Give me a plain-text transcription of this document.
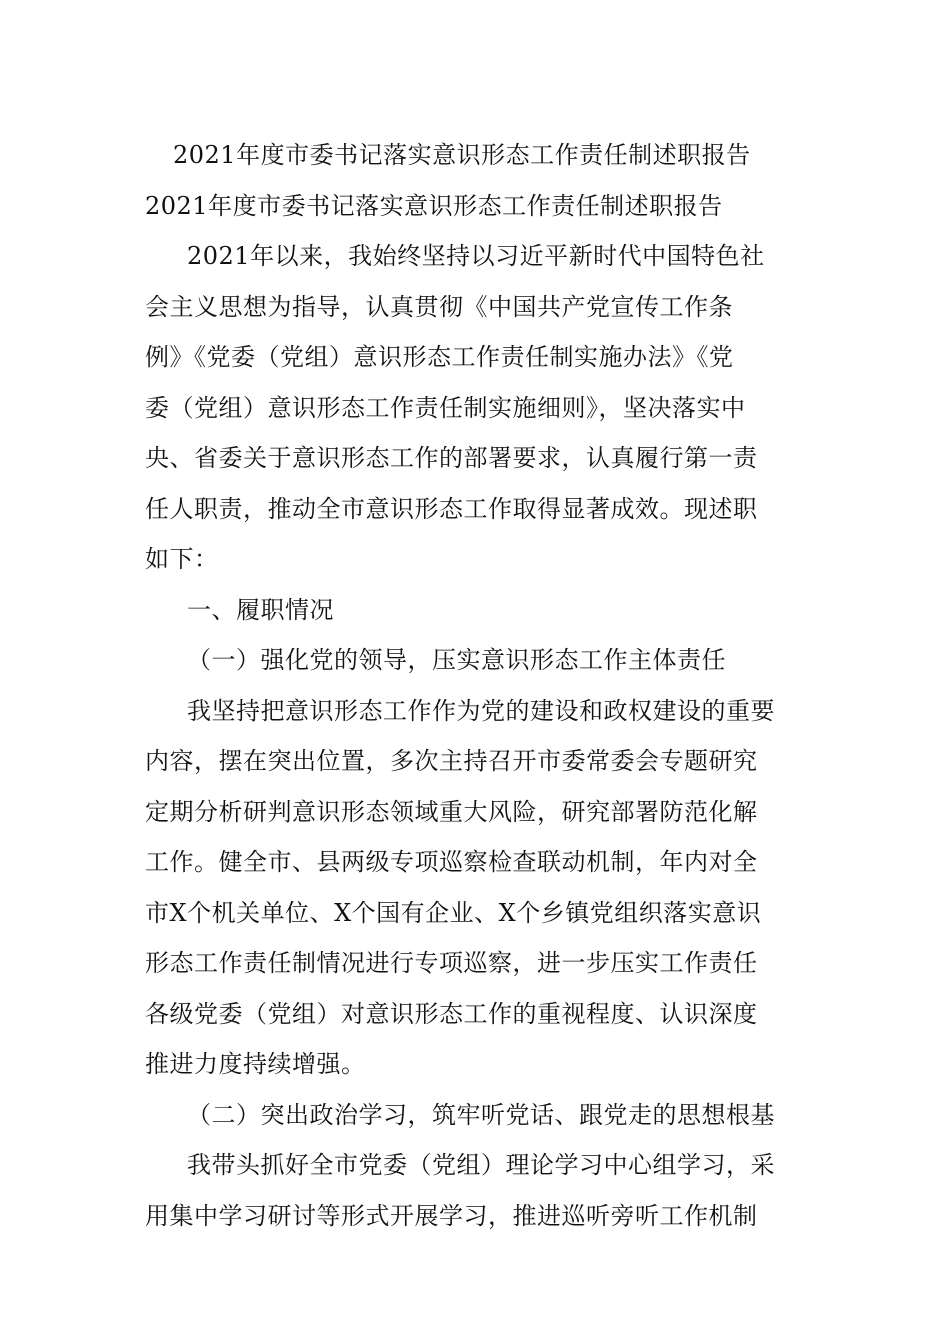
2021年度市委书记落实意识形态工作责任制述职报告
2021年度市委书记落实意识形态工作责任制述职报告
2021年以来，我始终坚持以习近平新时代中国特色社
会主义思想为指导，认真贯彻《中国共产党宣传工作条
例》《党委（党组）意识形态工作责任制实施办法》《党
委（党组）意识形态工作责任制实施细则》，坚决落实中
央、省委关于意识形态工作的部署要求，认真履行第一责
任人职责，推动全市意识形态工作取得显著成效。现述职
如下：
一、履职情况
（一）强化党的领导，压实意识形态工作主体责任
我坚持把意识形态工作作为党的建设和政权建设的重要
内容，摆在突出位置，多次主持召开市委常委会专题研究
定期分析研判意识形态领域重大风险，研究部署防范化解
工作。健全市、县两级专项巡察检查联动机制，年内对全
市X个机关单位、X个国有企业、X个乡镇党组织落实意识
形态工作责任制情况进行专项巡察，进一步压实工作责任
各级党委（党组）对意识形态工作的重视程度、认识深度
推进力度持续增强。
（二）突出政治学习，筑牢听党话、跟党走的思想根基
我带头抓好全市党委（党组）理论学习中心组学习，采
用集中学习研讨等形式开展学习，推进巡听旁听工作机制
